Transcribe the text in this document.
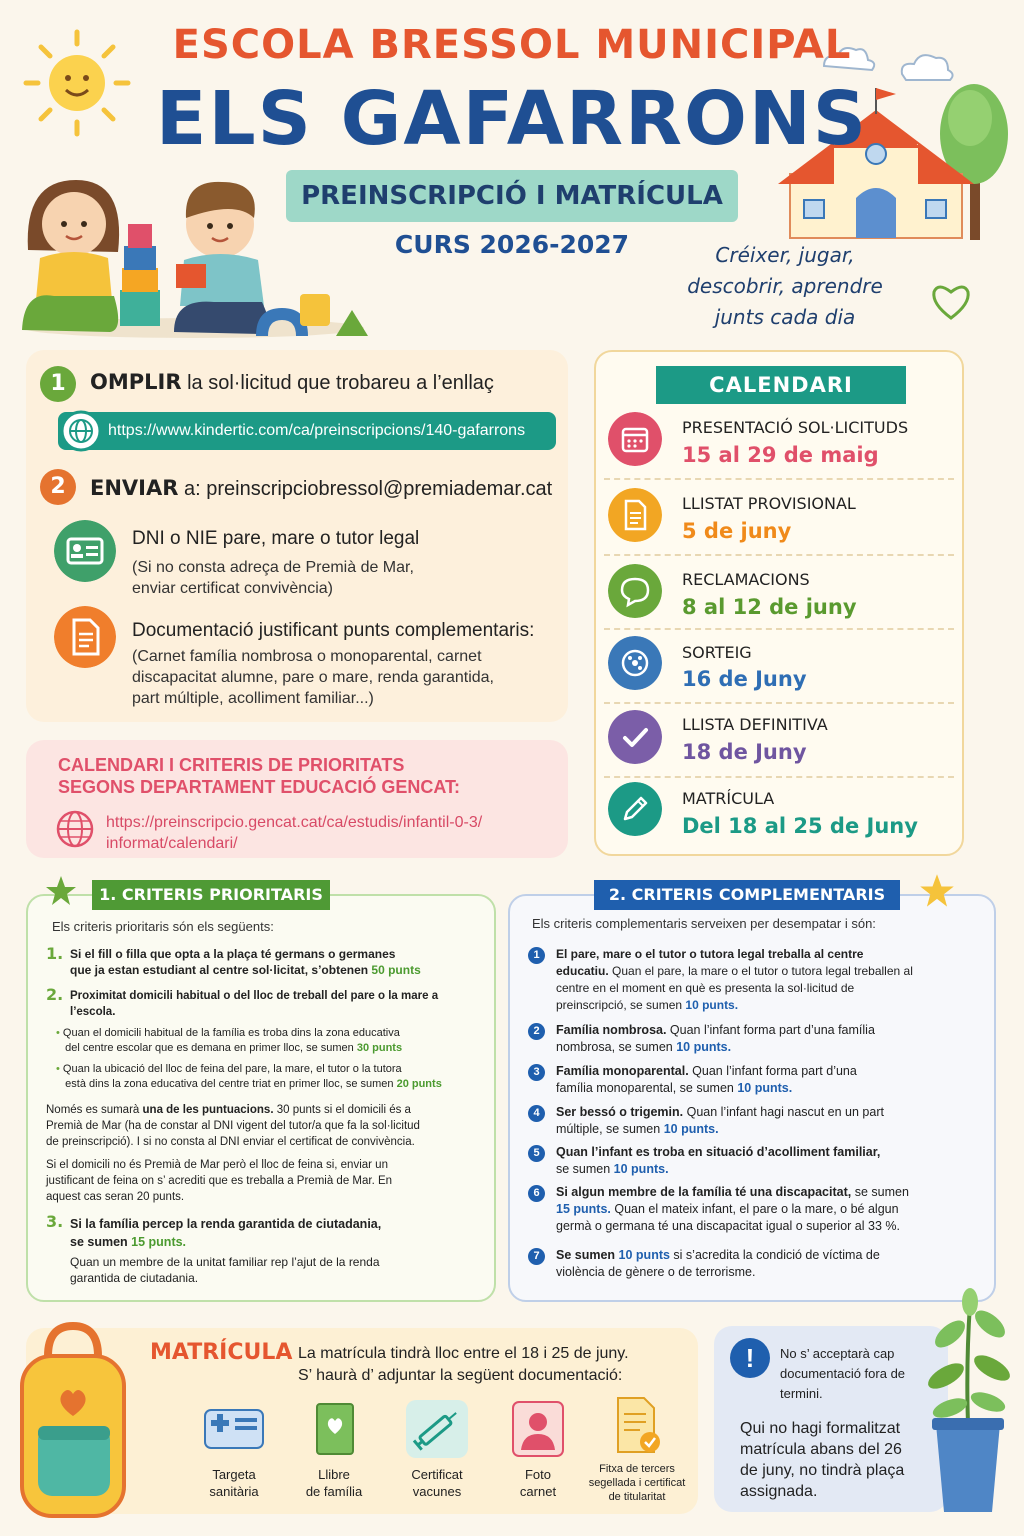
ESCOLA BRESSOL MUNICIPAL
ELS GAFARRONS
PREINSCRIPCIÓ I MATRÍCULA
CURS 2026-2027	Créixer, jugar, descobrir, aprendre junts cada dia
1	OMPLIR la sol·licitud que trobareu a l’enllaç
https://www.kindertic.com/ca/preinscripcions/140-gafarrons
2	ENVIAR a: preinscripciobressol@premiademar.cat
DNI o NIE pare, mare o tutor legal
(Si no consta adreça de Premià de Mar, enviar certificat convivència)
Documentació justificant punts complementaris:
(Carnet família nombrosa o monoparental, carnet discapacitat alumne, pare o mare, renda garantida, part múltiple, acolliment familiar...)
CALENDARI I CRITERIS DE PRIORITATS
SEGONS DEPARTAMENT EDUCACIÓ GENCAT:
https://preinscripcio.gencat.cat/ca/estudis/infantil-0-3/
informat/calendari/
CALENDARI
PRESENTACIÓ SOL·LICITUDS
15 al 29 de maig
LLISTAT PROVISIONAL
5 de juny
RECLAMACIONS
8 al 12 de juny
SORTEIG
16 de Juny
LLISTA DEFINITIVA
18 de Juny
MATRÍCULA
Del 18 al 25 de Juny
1. CRITERIS PRIORITARIS
Els criteris prioritaris són els següents:
1. Si el fill o filla que opta a la plaça té germans o germanes
que ja estan estudiant al centre sol·licitat, s’obtenen 50 punts
2. Proximitat domicili habitual o del lloc de treball del pare o la mare a
l’escola.
• Quan el domicili habitual de la família es troba dins la zona educativa
del centre escolar que es demana en primer lloc, se sumen 30 punts
• Quan la ubicació del lloc de feina del pare, la mare, el tutor o la tutora
està dins la zona educativa del centre triat en primer lloc, se sumen 20 punts
Només es sumarà una de les puntuacions. 30 punts si el domicili és a
Premià de Mar (ha de constar al DNI vigent del tutor/a que fa la sol·licitud
de preinscripció). I si no consta al DNI enviar el certificat de convivència.
Si el domicili no és Premià de Mar però el lloc de feina si, enviar un
justificant de feina on s’ acrediti que es treballa a Premià de Mar. En
aquest cas seran 20 punts.
3. Si la família percep la renda garantida de ciutadania,
se sumen 15 punts.
Quan un membre de la unitat familiar rep l’ajut de la renda
garantida de ciutadania.
2. CRITERIS COMPLEMENTARIS
Els criteris complementaris serveixen per desempatar i són:
1	El pare, mare o el tutor o tutora legal treballa al centre
educatiu. Quan el pare, la mare o el tutor o tutora legal treballen al
centre en el moment en què es presenta la sol·licitud de
preinscripció, se sumen 10 punts.
2	Família nombrosa. Quan l’infant forma part d’una família
nombrosa, se sumen 10 punts.
3	Família monoparental. Quan l’infant forma part d’una
família monoparental, se sumen 10 punts.
4	Ser bessó o trigemin. Quan l’infant hagi nascut en un part
múltiple, se sumen 10 punts.
5	Quan l’infant es troba en situació d’acolliment familiar,
se sumen 10 punts.
6	Si algun membre de la família té una discapacitat, se sumen
15 punts. Quan el mateix infant, el pare o la mare, o bé algun
germà o germana té una discapacitat igual o superior al 33 %.
7	Se sumen 10 punts si s’acredita la condició de víctima de
violència de gènere o de terrorisme.
MATRÍCULA La matrícula tindrà lloc entre el 18 i 25 de juny.
S’ haurà d’ adjuntar la següent documentació:
Targeta
sanitària
Llibre
de família
Certificat
vacunes
Foto
carnet
Fitxa de tercers
segellada i certificat
de titularitat
!	No s’ acceptarà cap documentació fora de termini.
Qui no hagi formalitzat matrícula abans del 26 de juny, no tindrà plaça assignada.
